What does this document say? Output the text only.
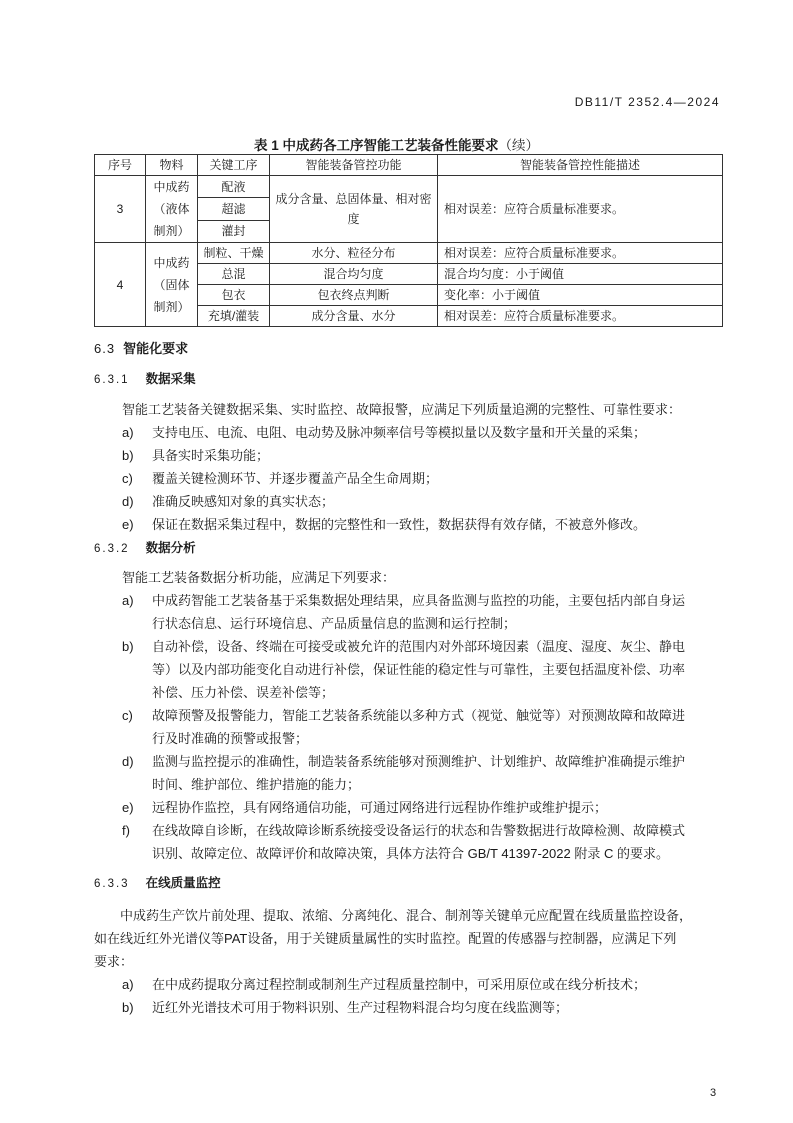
DB11/T 2352.4—2024
表 1 中成药各工序智能工艺装备性能要求（续）
序号	物料	关键工序	智能装备管控功能	智能装备管控性能描述
3	中成药（液体制剂）	配液	成分含量、总固体量、相对密度	相对误差：应符合质量标准要求。
		超滤		
		灌封		
4	中成药（固体制剂）	制粒、干燥	水分、粒径分布	相对误差：应符合质量标准要求。
		总混	混合均匀度	混合均匀度：小于阈值
		包衣	包衣终点判断	变化率：小于阈值
		充填/灌装	成分含量、水分	相对误差：应符合质量标准要求。
6.3 智能化要求
6.3.1 数据采集
智能工艺装备关键数据采集、实时监控、故障报警，应满足下列质量追溯的完整性、可靠性要求：
a) 支持电压、电流、电阻、电动势及脉冲频率信号等模拟量以及数字量和开关量的采集；
b) 具备实时采集功能；
c) 覆盖关键检测环节、并逐步覆盖产品全生命周期；
d) 准确反映感知对象的真实状态；
e) 保证在数据采集过程中，数据的完整性和一致性，数据获得有效存储，不被意外修改。
6.3.2 数据分析
智能工艺装备数据分析功能，应满足下列要求：
a) 中成药智能工艺装备基于采集数据处理结果，应具备监测与监控的功能，主要包括内部自身运
行状态信息、运行环境信息、产品质量信息的监测和运行控制；
b) 自动补偿，设备、终端在可接受或被允许的范围内对外部环境因素（温度、湿度、灰尘、静电
等）以及内部功能变化自动进行补偿，保证性能的稳定性与可靠性，主要包括温度补偿、功率
补偿、压力补偿、误差补偿等；
c) 故障预警及报警能力，智能工艺装备系统能以多种方式（视觉、触觉等）对预测故障和故障进
行及时准确的预警或报警；
d) 监测与监控提示的准确性，制造装备系统能够对预测维护、计划维护、故障维护准确提示维护
时间、维护部位、维护措施的能力；
e) 远程协作监控，具有网络通信功能，可通过网络进行远程协作维护或维护提示；
f) 在线故障自诊断，在线故障诊断系统接受设备运行的状态和告警数据进行故障检测、故障模式
识别、故障定位、故障评价和故障决策，具体方法符合 GB/T 41397-2022 附录 C 的要求。
6.3.3 在线质量监控
　　中成药生产饮片前处理、提取、浓缩、分离纯化、混合、制剂等关键单元应配置在线质量监控设备，
如在线近红外光谱仪等PAT设备，用于关键质量属性的实时监控。配置的传感器与控制器，应满足下列
要求：
a) 在中成药提取分离过程控制或制剂生产过程质量控制中，可采用原位或在线分析技术；
b) 近红外光谱技术可用于物料识别、生产过程物料混合均匀度在线监测等；
3
